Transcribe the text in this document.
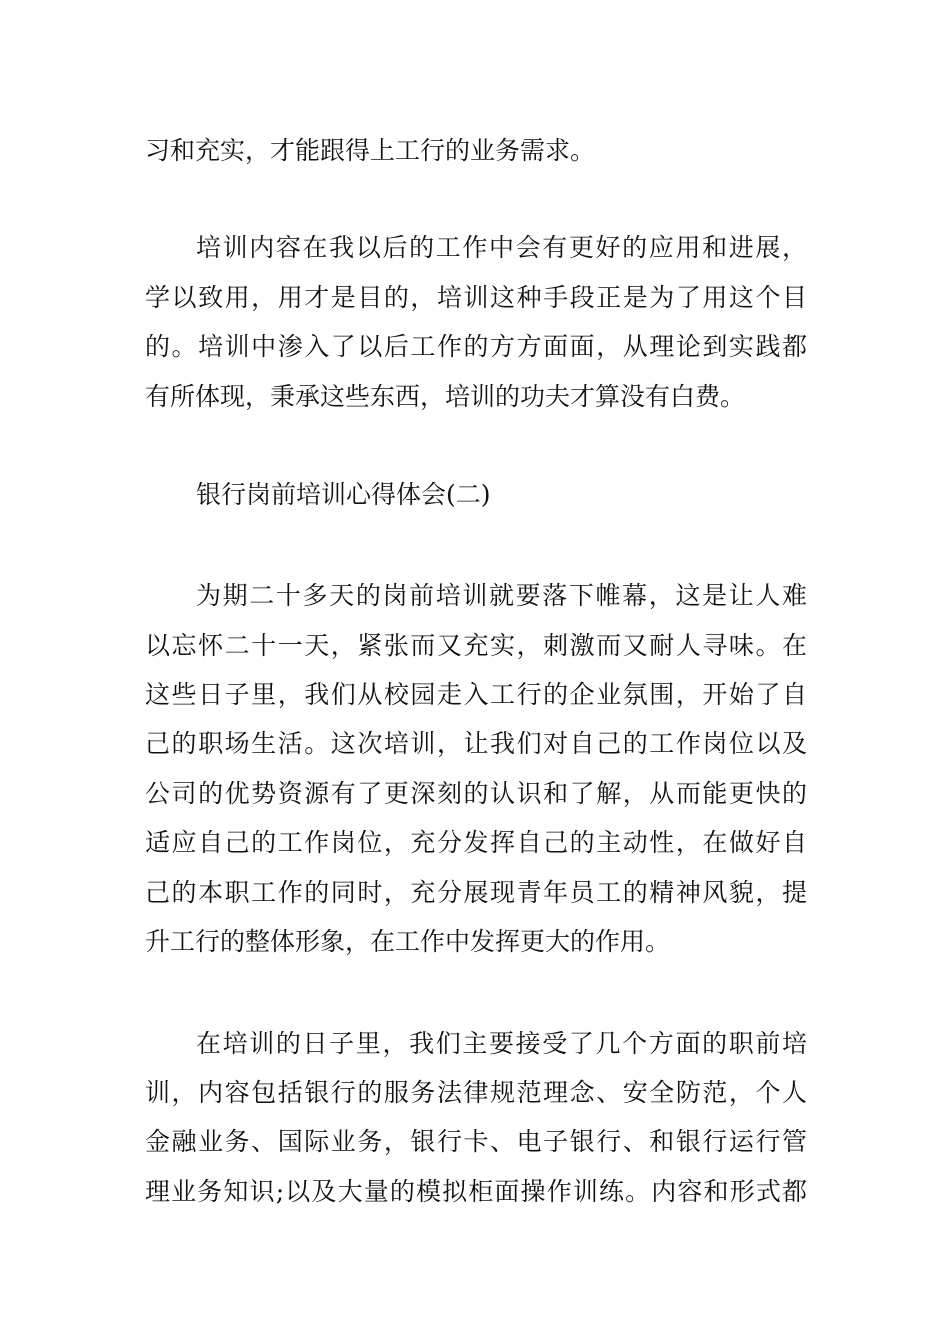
习和充实，才能跟得上工行的业务需求。
培训内容在我以后的工作中会有更好的应用和进展，
学以致用，用才是目的，培训这种手段正是为了用这个目
的。培训中渗入了以后工作的方方面面，从理论到实践都
有所体现，秉承这些东西，培训的功夫才算没有白费。
银行岗前培训心得体会(二)
为期二十多天的岗前培训就要落下帷幕，这是让人难
以忘怀二十一天，紧张而又充实，刺激而又耐人寻味。在
这些日子里，我们从校园走入工行的企业氛围，开始了自
己的职场生活。这次培训，让我们对自己的工作岗位以及
公司的优势资源有了更深刻的认识和了解，从而能更快的
适应自己的工作岗位，充分发挥自己的主动性，在做好自
己的本职工作的同时，充分展现青年员工的精神风貌，提
升工行的整体形象，在工作中发挥更大的作用。
在培训的日子里，我们主要接受了几个方面的职前培
训，内容包括银行的服务法律规范理念、安全防范，个人
金融业务、国际业务，银行卡、电子银行、和银行运行管
理业务知识;以及大量的模拟柜面操作训练。内容和形式都
